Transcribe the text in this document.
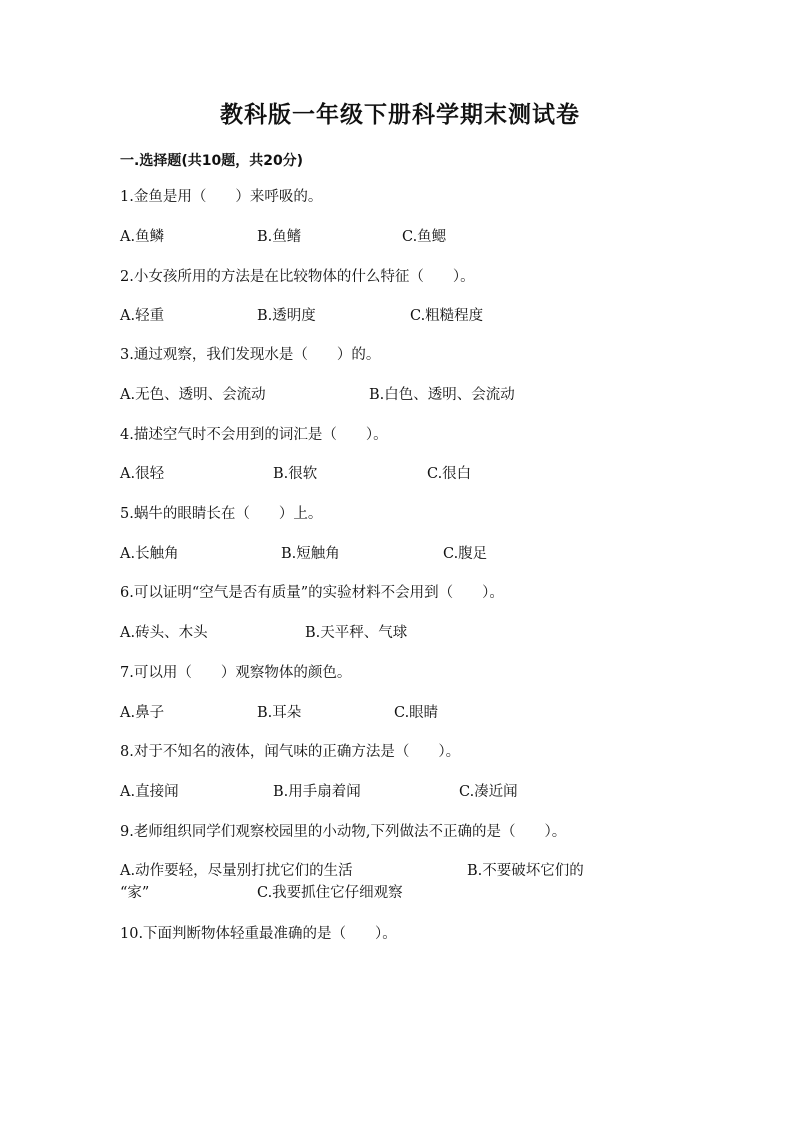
教科版一年级下册科学期末测试卷
一.选择题(共10题，共20分)
1.金鱼是用（　　）来呼吸的。
A.鱼鳞	B.鱼鳍	C.鱼鳃
2.小女孩所用的方法是在比较物体的什么特征（　　）。
A.轻重	B.透明度	C.粗糙程度
3.通过观察，我们发现水是（　　）的。
A.无色、透明、会流动	B.白色、透明、会流动
4.描述空气时不会用到的词汇是（　　）。
A.很轻	B.很软	C.很白
5.蜗牛的眼睛长在（　　）上。
A.长触角	B.短触角	C.腹足
6.可以证明“空气是否有质量”的实验材料不会用到（　　）。
A.砖头、木头	B.天平秤、气球
7.可以用（　　）观察物体的颜色。
A.鼻子	B.耳朵	C.眼睛
8.对于不知名的液体，闻气味的正确方法是（　　）。
A.直接闻	B.用手扇着闻	C.凑近闻
9.老师组织同学们观察校园里的小动物,下列做法不正确的是（　　）。
A.动作要轻，尽量别打扰它们的生活	B.不要破坏它们的
“家”	C.我要抓住它仔细观察
10.下面判断物体轻重最准确的是（　　）。
